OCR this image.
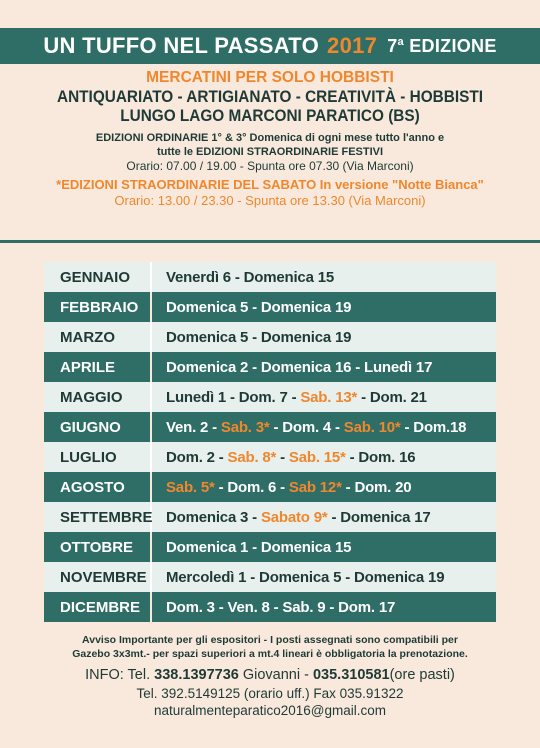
UN TUFFO NEL PASSATO 2017 7$^a$ EDIZIONE
MERCATINI PER SOLO HOBBISTI
ANTIQUARIATO - ARTIGIANATO - CREATIVITÀ - HOBBISTI
LUNGO LAGO MARCONI PARATICO (BS)
EDIZIONI ORDINARIE 1° & 3° Domenica di ogni mese tutto l'anno e
tutte le EDIZIONI STRAORDINARIE FESTIVI
Orario: 07.00 / 19.00 - Spunta ore 07.30 (Via Marconi)
*EDIZIONI STRAORDINARIE DEL SABATO In versione "Notte Bianca"
Orario: 13.00 / 23.30 - Spunta ore 13.30 (Via Marconi)
GENNAIO	Venerdì 6 - Domenica 15
FEBBRAIO	Domenica 5 - Domenica 19
MARZO	Domenica 5 - Domenica 19
APRILE	Domenica 2 - Domenica 16 - Lunedì 17
MAGGIO	Lunedì 1 - Dom. 7 - Sab. 13* - Dom. 21
GIUGNO	Ven. 2 - Sab. 3* - Dom. 4 - Sab. 10* - Dom.18
LUGLIO	Dom. 2 - Sab. 8* - Sab. 15* - Dom. 16
AGOSTO	Sab. 5* - Dom. 6 - Sab 12* - Dom. 20
SETTEMBRE Domenica 3 - Sabato 9* - Domenica 17
OTTOBRE	Domenica 1 - Domenica 15
NOVEMBRE	Mercoledì 1 - Domenica 5 - Domenica 19
DICEMBRE	Dom. 3 - Ven. 8 - Sab. 9 - Dom. 17
Avviso Importante per gli espositori - I posti assegnati sono compatibili per
Gazebo 3x3mt.- per spazi superiori a mt.4 lineari è obbligatoria la prenotazione.
INFO: Tel. 338.1397736 Giovanni - 035.310581(ore pasti)
Tel. 392.5149125 (orario uff.) Fax 035.91322
naturalmenteparatico2016@gmail.com
